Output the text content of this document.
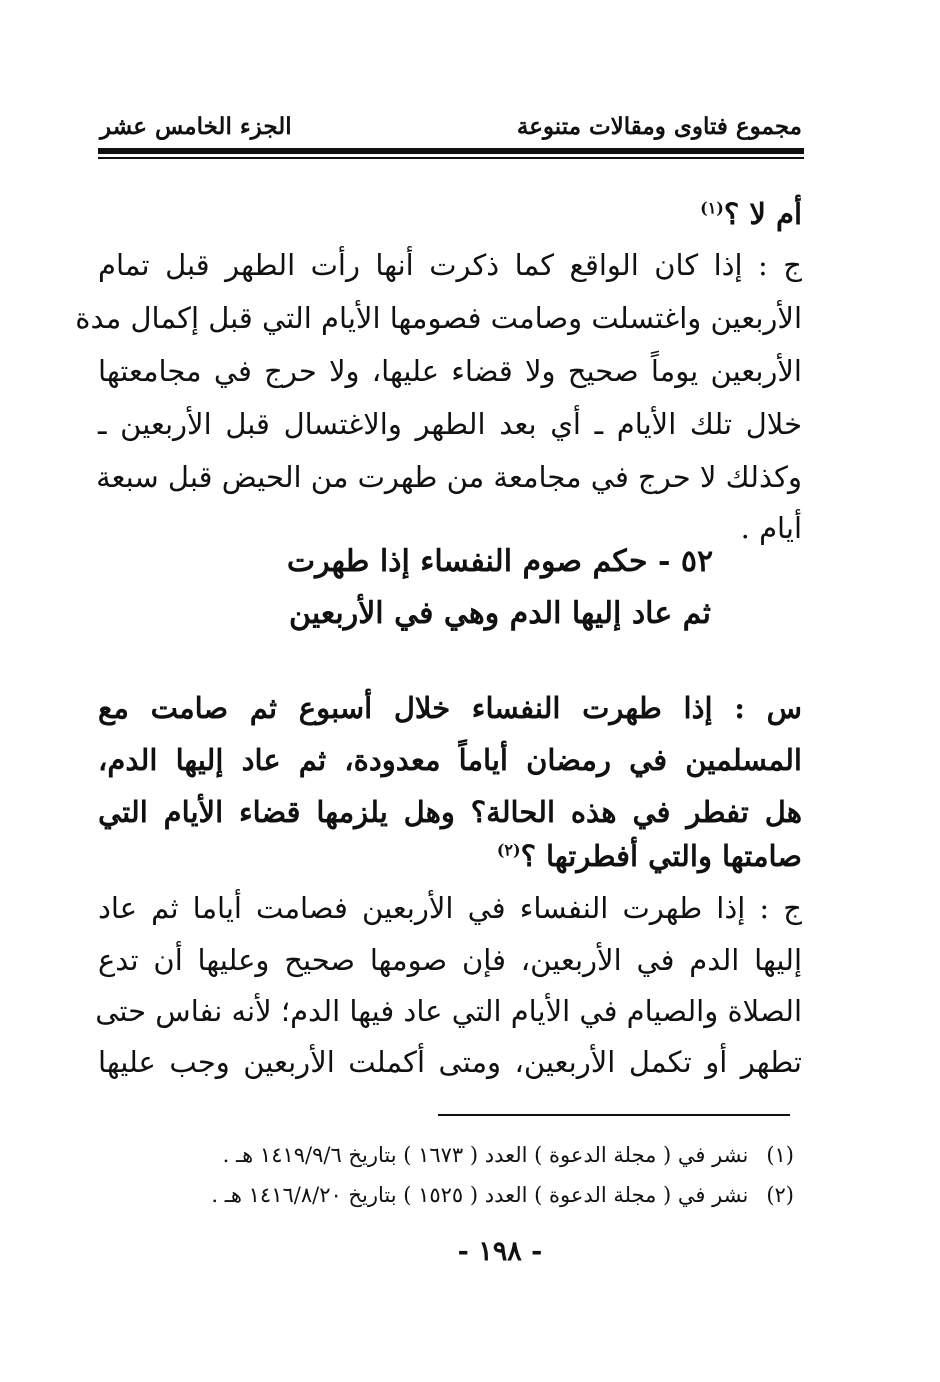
مجموع فتاوى ومقالات متنوعة
الجزء الخامس عشر
أم لا ؟$^{(١)}$
ج : إذا كان الواقع كما ذكرت أنها رأت الطهر قبل تمام
الأربعين واغتسلت وصامت فصومها الأيام التي قبل إكمال مدة
الأربعين يوماً صحيح ولا قضاء عليها، ولا حرج في مجامعتها
خلال تلك الأيام ـ أي بعد الطهر والاغتسال قبل الأربعين ـ
وكذلك لا حرج في مجامعة من طهرت من الحيض قبل سبعة
أيام .
٥٢ - حكم صوم النفساء إذا طهرت
ثم عاد إليها الدم وهي في الأربعين
س : إذا طهرت النفساء خلال أسبوع ثم صامت مع
المسلمين في رمضان أياماً معدودة، ثم عاد إليها الدم،
هل تفطر في هذه الحالة؟ وهل يلزمها قضاء الأيام التي
صامتها والتي أفطرتها ؟$^{(٢)}$
ج : إذا طهرت النفساء في الأربعين فصامت أياما ثم عاد
إليها الدم في الأربعين، فإن صومها صحيح وعليها أن تدع
الصلاة والصيام في الأيام التي عاد فيها الدم؛ لأنه نفاس حتى
تطهر أو تكمل الأربعين، ومتى أكملت الأربعين وجب عليها
(١)نشر في ( مجلة الدعوة ) العدد ( ١٦٧٣ ) بتاريخ ١٤١٩/٩/٦ هـ .
(٢)نشر في ( مجلة الدعوة ) العدد ( ١٥٢٥ ) بتاريخ ١٤١٦/٨/٢٠ هـ .
- ١٩٨ -
